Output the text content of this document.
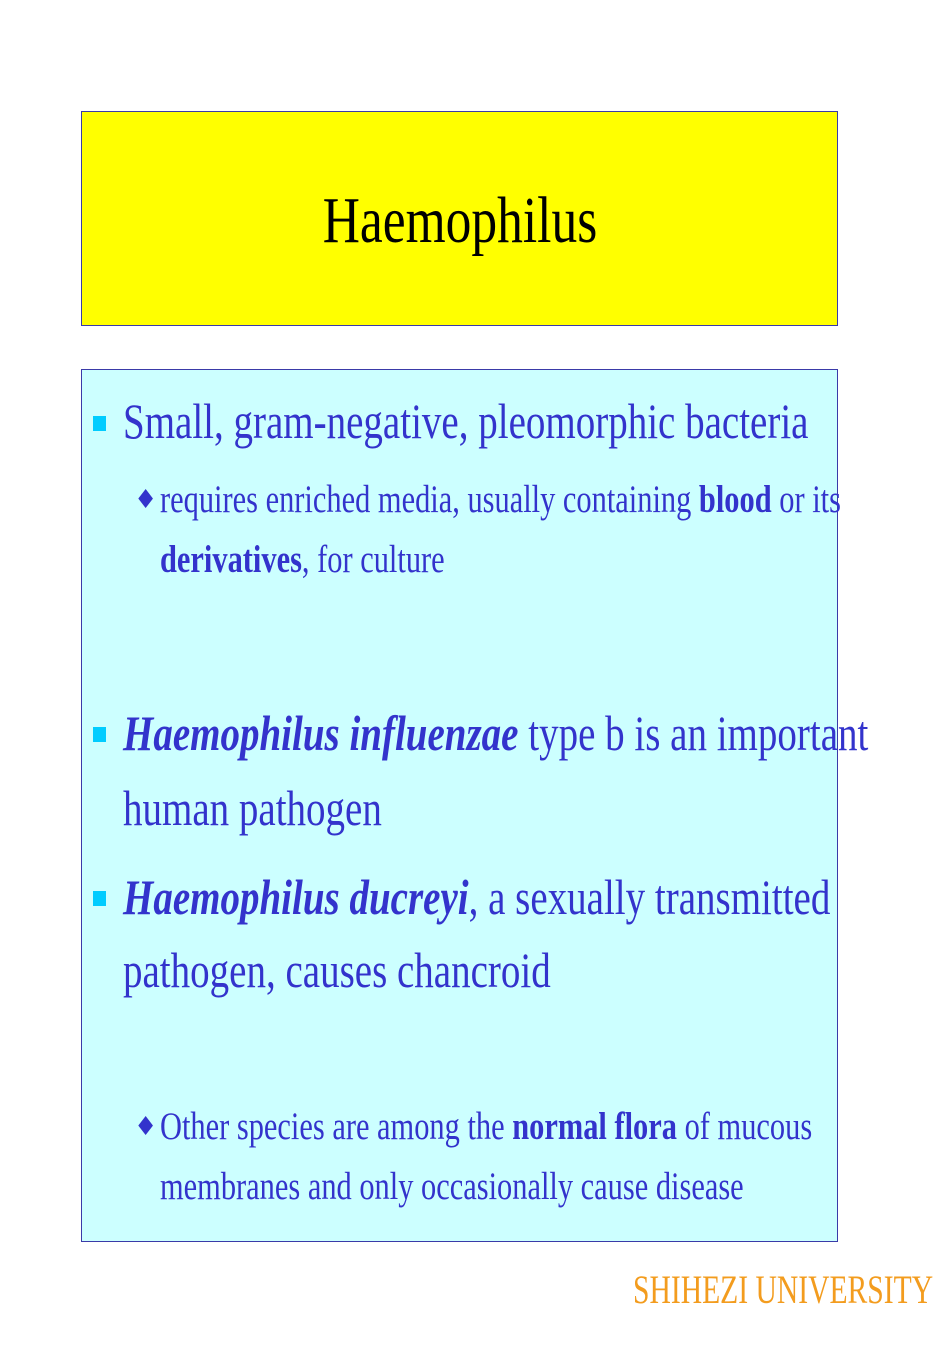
Haemophilus
Small, gram-negative, pleomorphic bacteria
♦ requires enriched media, usually containing blood or its
derivatives, for culture
Haemophilus influenzae type b is an important
human pathogen
Haemophilus ducreyi, a sexually transmitted
pathogen, causes chancroid
♦ Other species are among the normal flora of mucous
membranes and only occasionally cause disease
SHIHEZI UNIVERSITY
